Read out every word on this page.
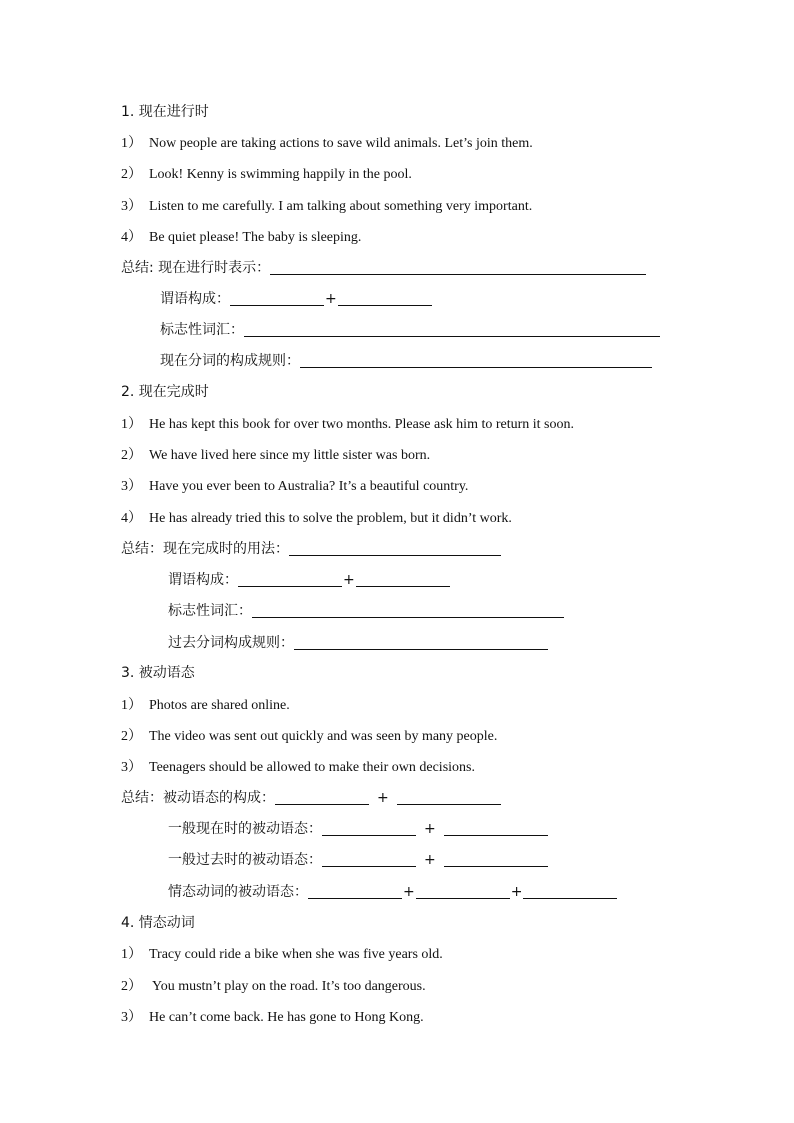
1. 现在进行时
1） Now people are taking actions to save wild animals. Let’s join them.
2） Look! Kenny is swimming happily in the pool.
3） Listen to me carefully. I am talking about something very important.
4） Be quiet please! The baby is sleeping.
总结: 现在进行时表示：
谓语构成：	+
标志性词汇：
现在分词的构成规则：
2. 现在完成时
1） He has kept this book for over two months. Please ask him to return it soon.
2） We have lived here since my little sister was born.
3） Have you ever been to Australia? It’s a beautiful country.
4） He has already tried this to solve the problem, but it didn’t work.
总结：现在完成时的用法：
谓语构成：	+
标志性词汇：
过去分词构成规则：
3. 被动语态
1） Photos are shared online.
2） The video was sent out quickly and was seen by many people.
3） Teenagers should be allowed to make their own decisions.
总结：被动语态的构成：	+
一般现在时的被动语态：	+
一般过去时的被动语态：	+
情态动词的被动语态：	+	+
4. 情态动词
1） Tracy could ride a bike when she was five years old.
2） You mustn’t play on the road. It’s too dangerous.
3） He can’t come back. He has gone to Hong Kong.
